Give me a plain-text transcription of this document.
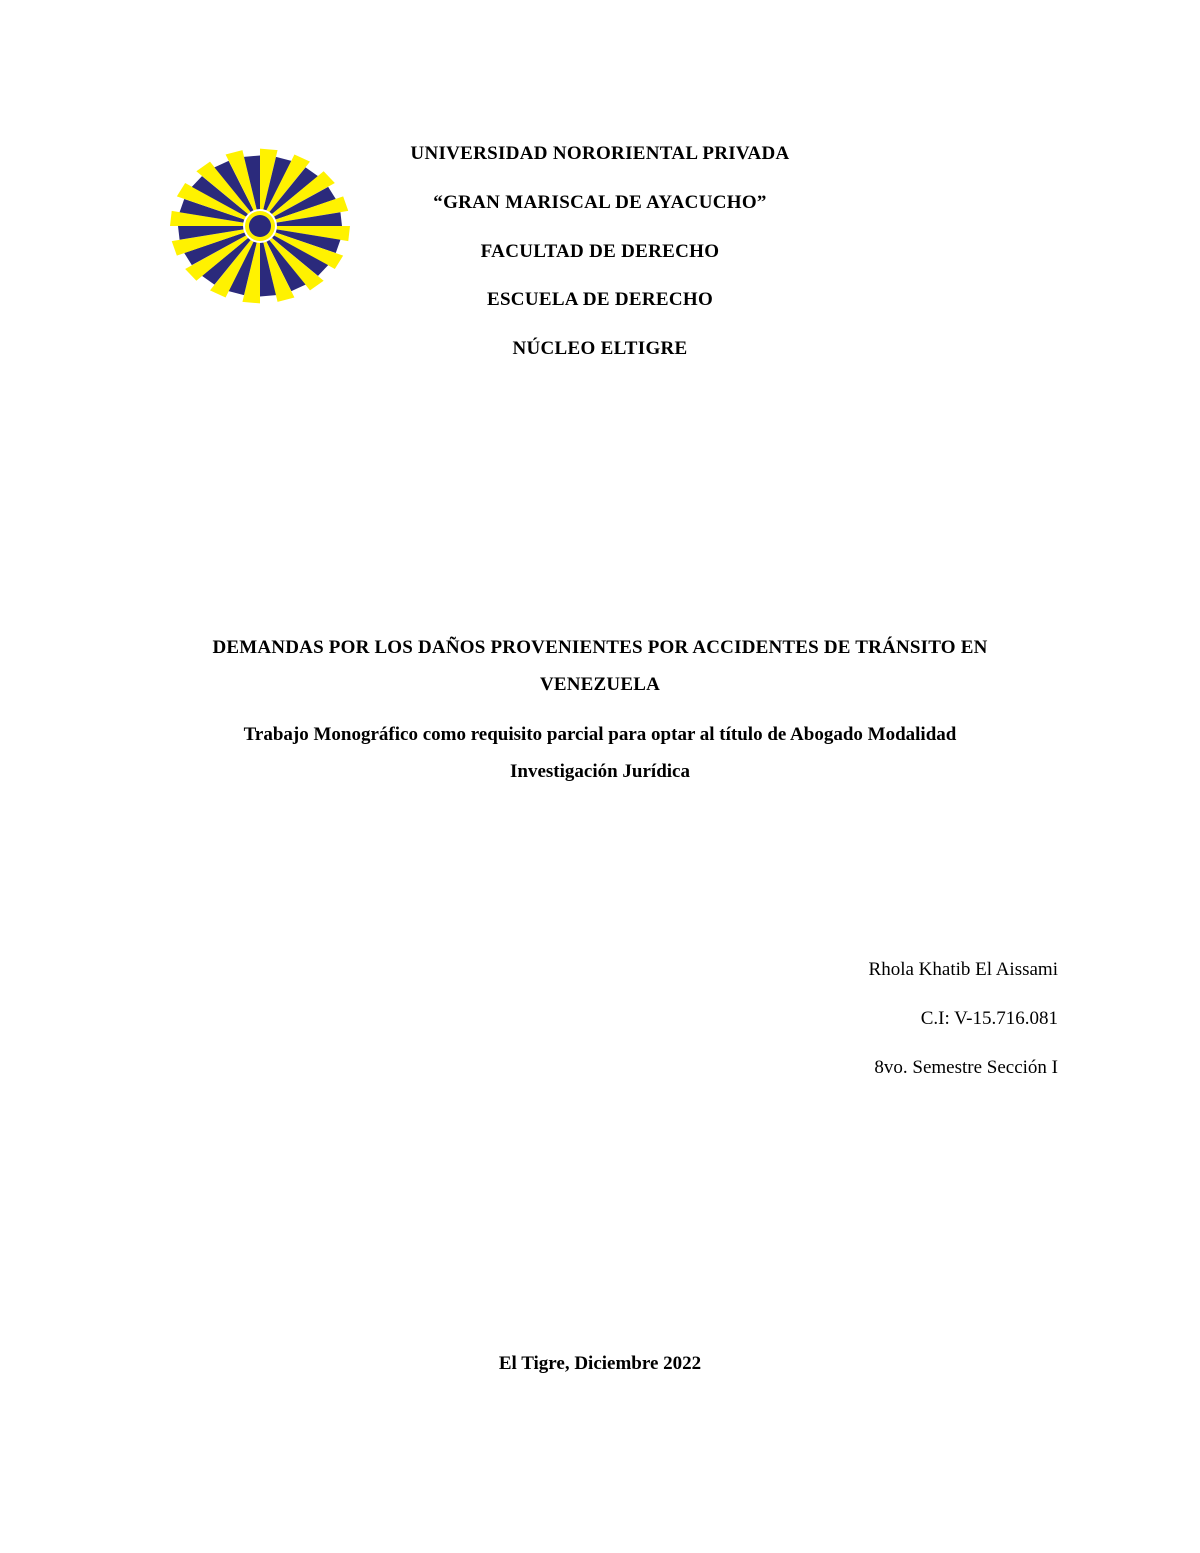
UNIVERSIDAD NORORIENTAL PRIVADA
“GRAN MARISCAL DE AYACUCHO”
FACULTAD DE DERECHO
ESCUELA DE DERECHO
NÚCLEO ELTIGRE
DEMANDAS POR LOS DAÑOS PROVENIENTES POR ACCIDENTES DE TRÁNSITO EN
VENEZUELA
Trabajo Monográfico como requisito parcial para optar al título de Abogado Modalidad
Investigación Jurídica
Rhola Khatib El Aissami
C.I: V-15.716.081
8vo. Semestre Sección I
El Tigre, Diciembre 2022
